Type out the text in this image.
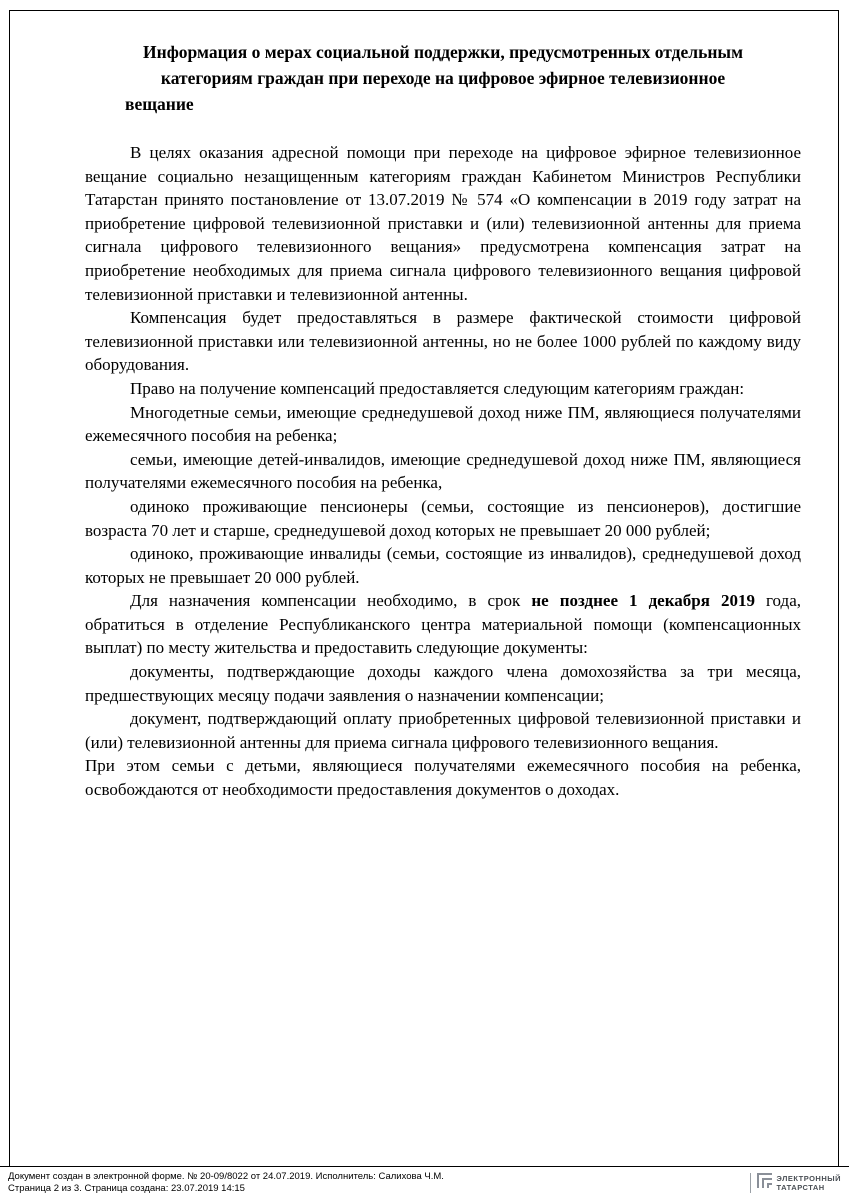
Информация о мерах социальной поддержки, предусмотренных отдельным
категориям граждан при переходе на цифровое эфирное телевизионное
вещание

В целях оказания адресной помощи при переходе на цифровое эфирное телевизионное вещание социально незащищенным категориям граждан Кабинетом Министров Республики Татарстан принято постановление от 13.07.2019 № 574 «О компенсации в 2019 году затрат на приобретение цифровой телевизионной приставки и (или) телевизионной антенны для приема сигнала цифрового телевизионного вещания» предусмотрена компенсация затрат на приобретение необходимых для приема сигнала цифрового телевизионного вещания цифровой телевизионной приставки и телевизионной антенны.

Компенсация будет предоставляться в размере фактической стоимости цифровой телевизионной приставки или телевизионной антенны, но не более 1000 рублей по каждому виду оборудования.

Право на получение компенсаций предоставляется следующим категориям граждан:

Многодетные семьи, имеющие среднедушевой доход ниже ПМ, являющиеся получателями ежемесячного пособия на ребенка;

семьи, имеющие детей-инвалидов, имеющие среднедушевой доход ниже ПМ, являющиеся получателями ежемесячного пособия на ребенка,

одиноко проживающие пенсионеры (семьи, состоящие из пенсионеров), достигшие возраста 70 лет и старше, среднедушевой доход которых не превышает 20 000 рублей;

одиноко, проживающие инвалиды (семьи, состоящие из инвалидов), среднедушевой доход которых не превышает 20 000 рублей.

Для назначения компенсации необходимо, в срок не позднее 1 декабря 2019 года, обратиться в отделение Республиканского центра материальной помощи (компенсационных выплат) по месту жительства и предоставить следующие документы:

документы, подтверждающие доходы каждого члена домохозяйства за три месяца, предшествующих месяцу подачи заявления о назначении компенсации;

документ, подтверждающий оплату приобретенных цифровой телевизионной приставки и (или) телевизионной антенны для приема сигнала цифрового телевизионного вещания.

При этом семьи с детьми, являющиеся получателями ежемесячного пособия на ребенка, освобождаются от необходимости предоставления документов о доходах.

Документ создан в электронной форме. № 20-09/8022 от 24.07.2019. Исполнитель: Салихова Ч.М.
Страница 2 из 3. Страница создана: 23.07.2019 14:15
ЭЛЕКТРОННЫЙ
ТАТАРСТАН
